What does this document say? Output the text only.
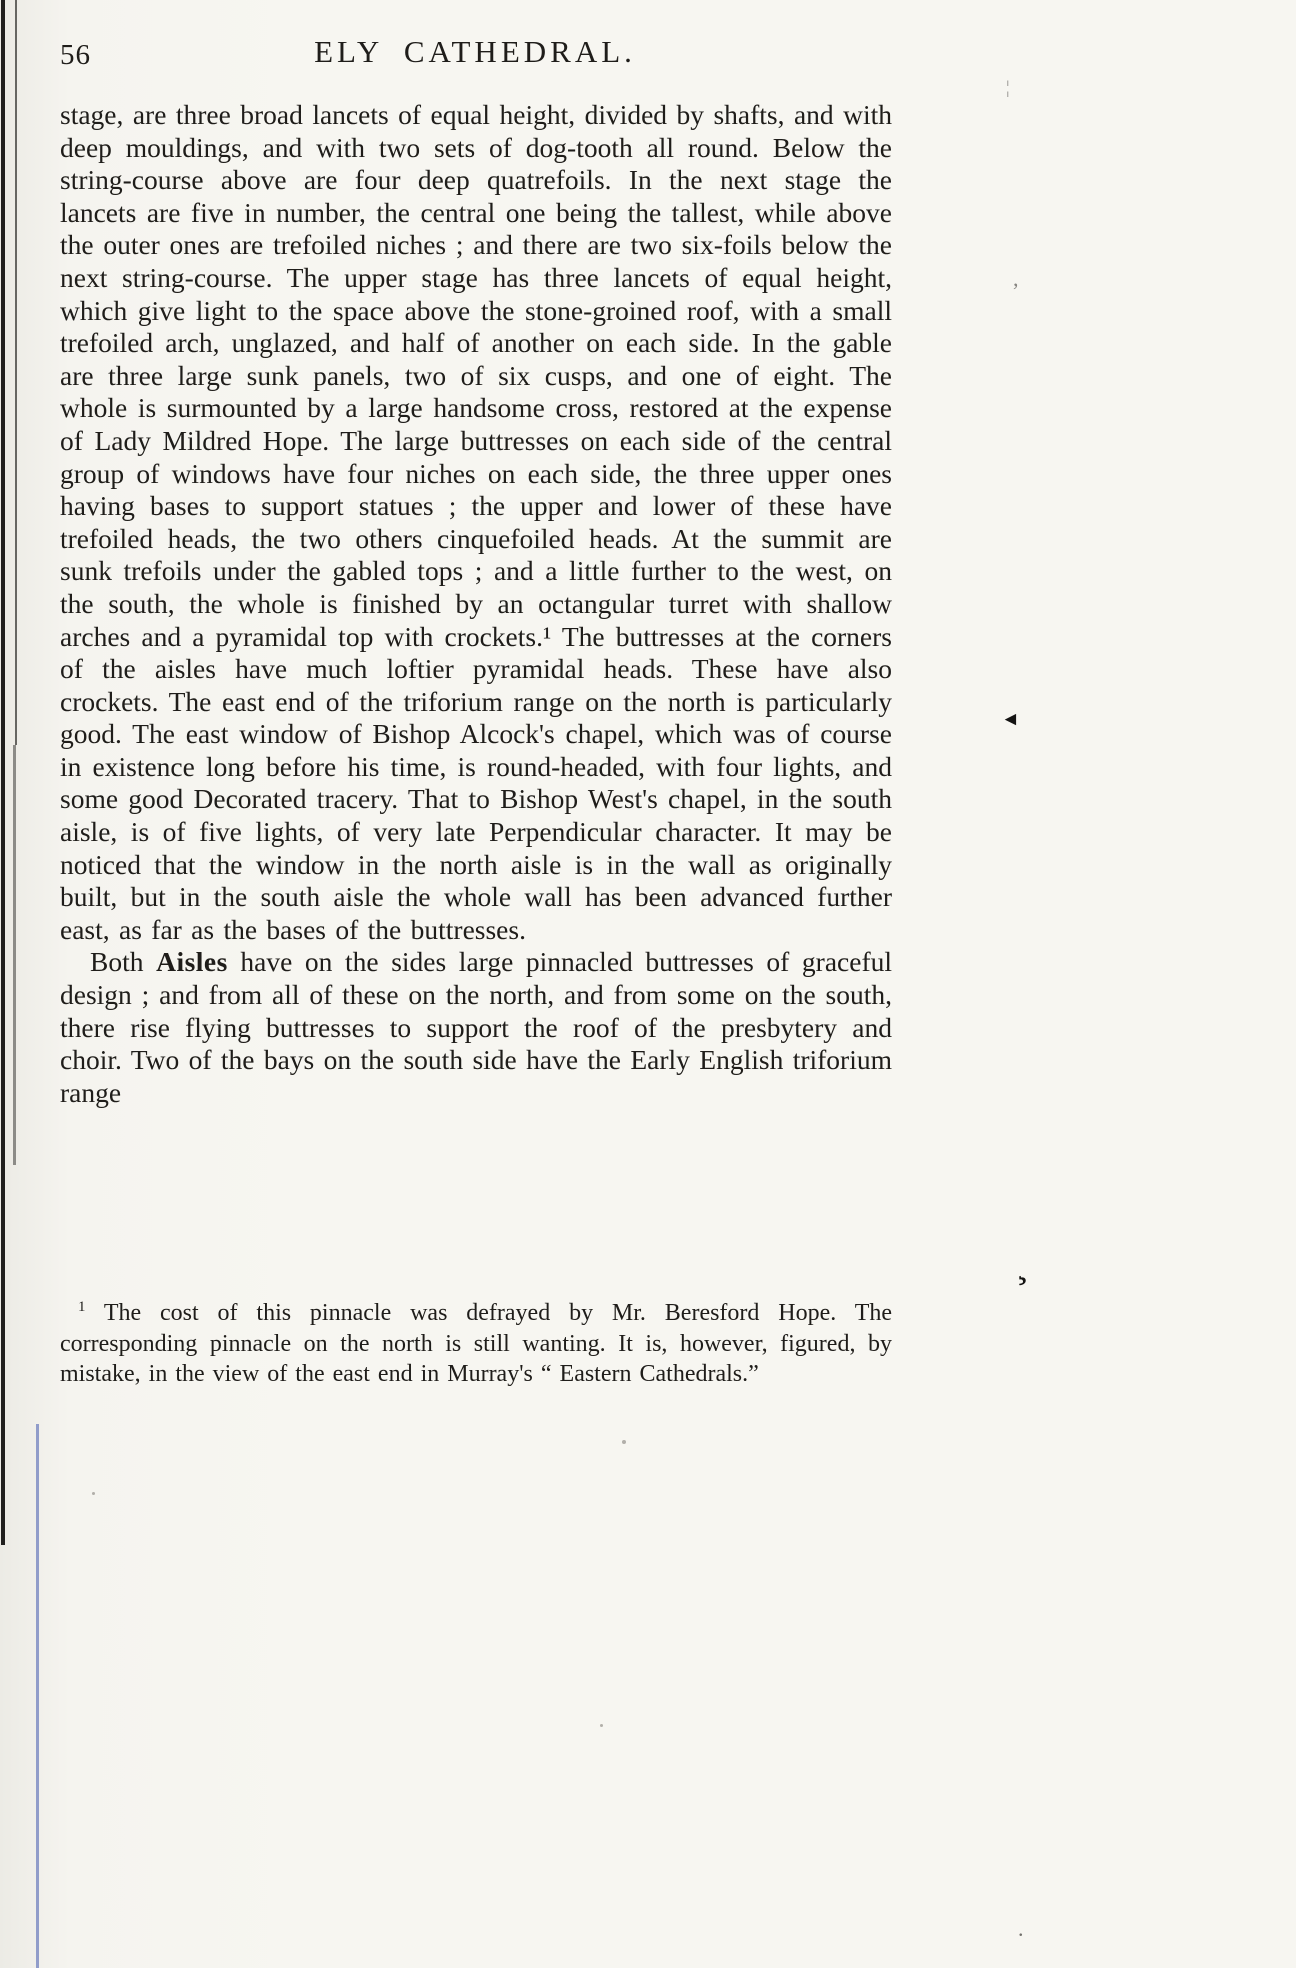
56	ELY CATHEDRAL.

stage, are three broad lancets of equal height, divided by shafts, and with deep mouldings, and with two sets of dog-tooth all round. Below the string-course above are four deep quatrefoils. In the next stage the lancets are five in number, the central one being the tallest, while above the outer ones are trefoiled niches ; and there are two six-foils below the next string-course. The upper stage has three lancets of equal height, which give light to the space above the stone-groined roof, with a small trefoiled arch, unglazed, and half of another on each side. In the gable are three large sunk panels, two of six cusps, and one of eight. The whole is surmounted by a large handsome cross, restored at the expense of Lady Mildred Hope. The large buttresses on each side of the central group of windows have four niches on each side, the three upper ones having bases to support statues ; the upper and lower of these have trefoiled heads, the two others cinquefoiled heads. At the summit are sunk trefoils under the gabled tops ; and a little further to the west, on the south, the whole is finished by an octangular turret with shallow arches and a pyramidal top with crockets.¹ The buttresses at the corners of the aisles have much loftier pyramidal heads. These have also crockets. The east end of the triforium range on the north is particularly good. The east window of Bishop Alcock's chapel, which was of course in existence long before his time, is round-headed, with four lights, and some good Decorated tracery. That to Bishop West's chapel, in the south aisle, is of five lights, of very late Perpendicular character. It may be noticed that the window in the north aisle is in the wall as originally built, but in the south aisle the whole wall has been advanced further east, as far as the bases of the buttresses.

Both Aisles have on the sides large pinnacled buttresses of graceful design ; and from all of these on the north, and from some on the south, there rise flying buttresses to support the roof of the presbytery and choir. Two of the bays on the south side have the Early English triforium range

$^1$ The cost of this pinnacle was defrayed by Mr. Beresford Hope. The corresponding pinnacle on the north is still wanting. It is, however, figured, by mistake, in the view of the east end in Murray's “ Eastern Cathedrals.”
¦
,
◄
¸
.
